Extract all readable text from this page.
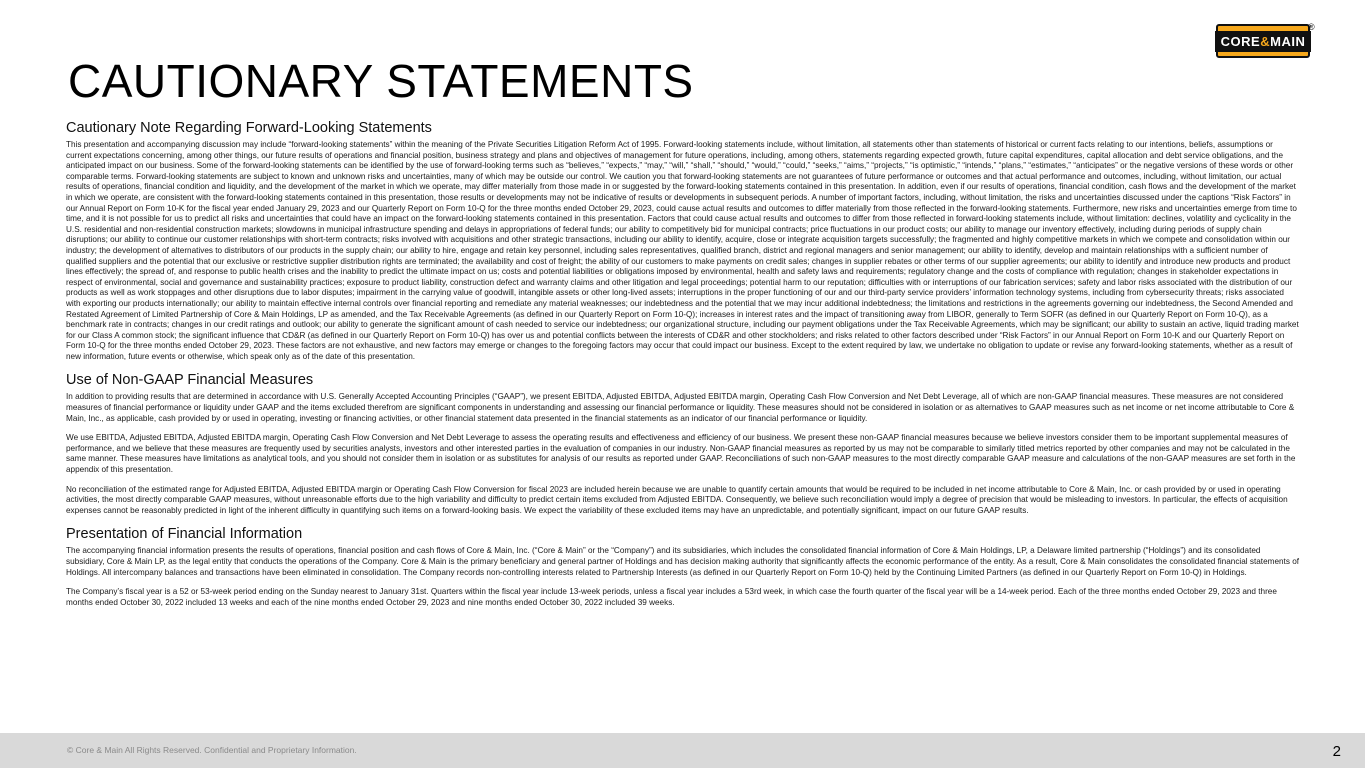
CORE&MAIN
®
CAUTIONARY STATEMENTS
Cautionary Note Regarding Forward-Looking Statements

This presentation and accompanying discussion may include “forward-looking statements” within the meaning of the Private Securities Litigation Reform Act of 1995. Forward-looking statements include, without limitation, all statements other than statements of historical or current facts relating to our intentions, beliefs, assumptions or current expectations concerning, among other things, our future results of operations and financial position, business strategy and plans and objectives of management for future operations, including, among others, statements regarding expected growth, future capital expenditures, capital allocation and debt service obligations, and the anticipated impact on our business. Some of the forward-looking statements can be identified by the use of forward-looking terms such as “believes,” “expects,” “may,” “will,” “shall,” “should,” “would,” “could,” “seeks,” “aims,” “projects,” “is optimistic,” “intends,” “plans,” “estimates,” “anticipates” or the negative versions of these words or other comparable terms. Forward-looking statements are subject to known and unknown risks and uncertainties, many of which may be outside our control. We caution you that forward-looking statements are not guarantees of future performance or outcomes and that actual performance and outcomes, including, without limitation, our actual results of operations, financial condition and liquidity, and the development of the market in which we operate, may differ materially from those made in or suggested by the forward-looking statements contained in this presentation. In addition, even if our results of operations, financial condition, cash flows and the development of the market in which we operate, are consistent with the forward-looking statements contained in this presentation, those results or developments may not be indicative of results or developments in subsequent periods. A number of important factors, including, without limitation, the risks and uncertainties discussed under the captions “Risk Factors” in our Annual Report on Form 10-K for the fiscal year ended January 29, 2023 and our Quarterly Report on Form 10-Q for the three months ended October 29, 2023, could cause actual results and outcomes to differ materially from those reflected in the forward-looking statements. Furthermore, new risks and uncertainties emerge from time to time, and it is not possible for us to predict all risks and uncertainties that could have an impact on the forward-looking statements contained in this presentation. Factors that could cause actual results and outcomes to differ from those reflected in forward-looking statements include, without limitation: declines, volatility and cyclicality in the U.S. residential and non-residential construction markets; slowdowns in municipal infrastructure spending and delays in appropriations of federal funds; our ability to competitively bid for municipal contracts; price fluctuations in our product costs; our ability to manage our inventory effectively, including during periods of supply chain disruptions; our ability to continue our customer relationships with short-term contracts; risks involved with acquisitions and other strategic transactions, including our ability to identify, acquire, close or integrate acquisition targets successfully; the fragmented and highly competitive markets in which we compete and consolidation within our industry; the development of alternatives to distributors of our products in the supply chain; our ability to hire, engage and retain key personnel, including sales representatives, qualified branch, district and regional managers and senior management; our ability to identify, develop and maintain relationships with a sufficient number of qualified suppliers and the potential that our exclusive or restrictive supplier distribution rights are terminated; the availability and cost of freight; the ability of our customers to make payments on credit sales; changes in supplier rebates or other terms of our supplier agreements; our ability to identify and introduce new products and product lines effectively; the spread of, and response to public health crises and the inability to predict the ultimate impact on us; costs and potential liabilities or obligations imposed by environmental, health and safety laws and requirements; regulatory change and the costs of compliance with regulation; changes in stakeholder expectations in respect of environmental, social and governance and sustainability practices; exposure to product liability, construction defect and warranty claims and other litigation and legal proceedings; potential harm to our reputation; difficulties with or interruptions of our fabrication services; safety and labor risks associated with the distribution of our products as well as work stoppages and other disruptions due to labor disputes; impairment in the carrying value of goodwill, intangible assets or other long-lived assets; interruptions in the proper functioning of our and our third-party service providers’ information technology systems, including from cybersecurity threats; risks associated with exporting our products internationally; our ability to maintain effective internal controls over financial reporting and remediate any material weaknesses; our indebtedness and the potential that we may incur additional indebtedness; the limitations and restrictions in the agreements governing our indebtedness, the Second Amended and Restated Agreement of Limited Partnership of Core & Main Holdings, LP as amended, and the Tax Receivable Agreements (as defined in our Quarterly Report on Form 10-Q); increases in interest rates and the impact of transitioning away from LIBOR, generally to Term SOFR (as defined in our Quarterly Report on Form 10-Q), as a benchmark rate in contracts; changes in our credit ratings and outlook; our ability to generate the significant amount of cash needed to service our indebtedness; our organizational structure, including our payment obligations under the Tax Receivable Agreements, which may be significant; our ability to sustain an active, liquid trading market for our Class A common stock; the significant influence that CD&R (as defined in our Quarterly Report on Form 10-Q) has over us and potential conflicts between the interests of CD&R and other stockholders; and risks related to other factors described under “Risk Factors” in our Annual Report on Form 10-K and our Quarterly Report on Form 10-Q for the three months ended October 29, 2023. These factors are not exhaustive, and new factors may emerge or changes to the foregoing factors may occur that could impact our business. Except to the extent required by law, we undertake no obligation to update or revise any forward-looking statements, whether as a result of new information, future events or otherwise, which speak only as of the date of this presentation.

Use of Non-GAAP Financial Measures

In addition to providing results that are determined in accordance with U.S. Generally Accepted Accounting Principles (“GAAP”), we present EBITDA, Adjusted EBITDA, Adjusted EBITDA margin, Operating Cash Flow Conversion and Net Debt Leverage, all of which are non-GAAP financial measures. These measures are not considered measures of financial performance or liquidity under GAAP and the items excluded therefrom are significant components in understanding and assessing our financial performance or liquidity. These measures should not be considered in isolation or as alternatives to GAAP measures such as net income or net income attributable to Core & Main, Inc., as applicable, cash provided by or used in operating, investing or financing activities, or other financial statement data presented in the financial statements as an indicator of our financial performance or liquidity.

We use EBITDA, Adjusted EBITDA, Adjusted EBITDA margin, Operating Cash Flow Conversion and Net Debt Leverage to assess the operating results and effectiveness and efficiency of our business. We present these non-GAAP financial measures because we believe investors consider them to be important supplemental measures of performance, and we believe that these measures are frequently used by securities analysts, investors and other interested parties in the evaluation of companies in our industry. Non-GAAP financial measures as reported by us may not be comparable to similarly titled metrics reported by other companies and may not be calculated in the same manner. These measures have limitations as analytical tools, and you should not consider them in isolation or as substitutes for analysis of our results as reported under GAAP. Reconciliations of such non-GAAP measures to the most directly comparable GAAP measure and calculations of the non-GAAP measures are set forth in the appendix of this presentation.

No reconciliation of the estimated range for Adjusted EBITDA, Adjusted EBITDA margin or Operating Cash Flow Conversion for fiscal 2023 are included herein because we are unable to quantify certain amounts that would be required to be included in net income attributable to Core & Main, Inc. or cash provided by or used in operating activities, the most directly comparable GAAP measures, without unreasonable efforts due to the high variability and difficulty to predict certain items excluded from Adjusted EBITDA. Consequently, we believe such reconciliation would imply a degree of precision that would be misleading to investors. In particular, the effects of acquisition expenses cannot be reasonably predicted in light of the inherent difficulty in quantifying such items on a forward-looking basis. We expect the variability of these excluded items may have an unpredictable, and potentially significant, impact on our future GAAP results.

Presentation of Financial Information

The accompanying financial information presents the results of operations, financial position and cash flows of Core & Main, Inc. (“Core & Main” or the “Company”) and its subsidiaries, which includes the consolidated financial information of Core & Main Holdings, LP, a Delaware limited partnership (“Holdings”) and its consolidated subsidiary, Core & Main LP, as the legal entity that conducts the operations of the Company. Core & Main is the primary beneficiary and general partner of Holdings and has decision making authority that significantly affects the economic performance of the entity. As a result, Core & Main consolidates the consolidated financial statements of Holdings. All intercompany balances and transactions have been eliminated in consolidation. The Company records non-controlling interests related to Partnership Interests (as defined in our Quarterly Report on Form 10-Q) held by the Continuing Limited Partners (as defined in our Quarterly Report on Form 10-Q) in Holdings.

The Company’s fiscal year is a 52 or 53-week period ending on the Sunday nearest to January 31st. Quarters within the fiscal year include 13-week periods, unless a fiscal year includes a 53rd week, in which case the fourth quarter of the fiscal year will be a 14-week period. Each of the three months ended October 29, 2023 and three months ended October 30, 2022 included 13 weeks and each of the nine months ended October 29, 2023 and nine months ended October 30, 2022 included 39 weeks.

© Core & Main All Rights Reserved. Confidential and Proprietary Information.	2
